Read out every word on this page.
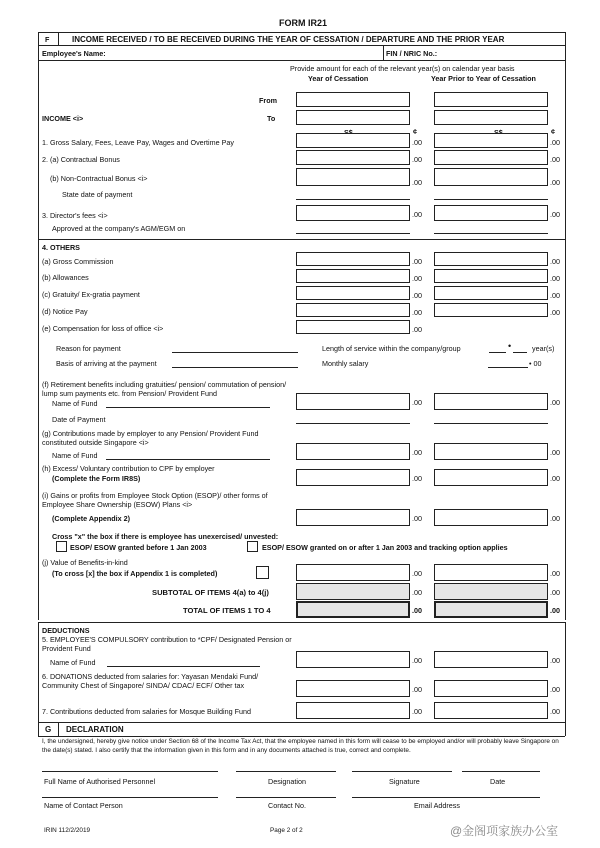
FORM IR21
F	INCOME RECEIVED / TO BE RECEIVED DURING THE YEAR OF CESSATION / DEPARTURE AND THE PRIOR YEAR
Employee's Name:	FIN / NRIC No.:
Provide amount for each of the relevant year(s) on calendar year basis
Year of Cessation	Year Prior to Year of Cessation
From
INCOME <i>	To
¢	¢
1. Gross Salary, Fees, Leave Pay, Wages and Overtime Pay	.00	.00
2. (a) Contractual Bonus	.00	.00
(b) Non-Contractual Bonus <i>	.00	.00
State date of payment
3. Director's fees <i>	.00	.00
Approved at the company's AGM/EGM on
4. OTHERS
(a) Gross Commission	.00	.00
(b) Allowances	.00	.00
(c) Gratuity/ Ex-gratia payment	.00	.00
(d) Notice Pay	.00	.00
(e) Compensation for loss of office <i>	.00
Reason for payment	Length of service within the company/group	•	year(s)
Basis of arriving at the payment	Monthly salary	• 00
(f) Retirement benefits including gratuities/ pension/ commutation of pension/ lump sum payments etc. from Pension/ Provident Fund
Name of Fund	.00	.00
Date of Payment
(g) Contributions made by employer to any Pension/ Provident Fund constituted outside Singapore <i>
Name of Fund	.00	.00
(h) Excess/ Voluntary contribution to CPF by employer
(Complete the Form IR8S)	.00	.00
(i) Gains or profits from Employee Stock Option (ESOP)/ other forms of Employee Share Ownership (ESOW) Plans <i>
(Complete Appendix 2)	.00	.00
Cross "x" the box if there is employee has unexercised/ unvested:
ESOP/ ESOW granted before 1 Jan 2003	ESOP/ ESOW granted on or after 1 Jan 2003 and tracking option applies
(j) Value of Benefits-in-kind
(To cross [x] the box if Appendix 1 is completed)	.00	.00
SUBTOTAL OF ITEMS 4(a) to 4(j)	.00	.00
TOTAL OF ITEMS 1 TO 4	.00	.00
DEDUCTIONS
5. EMPLOYEE'S COMPULSORY contribution to *CPF/ Designated Pension or Provident Fund
Name of Fund	.00	.00
6. DONATIONS deducted from salaries for: Yayasan Mendaki Fund/ Community Chest of Singapore/ SINDA/ CDAC/ ECF/ Other tax	.00	.00
7. Contributions deducted from salaries for Mosque Building Fund	.00	.00
G DECLARATION
I, the undersigned, hereby give notice under Section 68 of the Income Tax Act, that the employee named in this form will cease to be employed and/or will probably leave Singapore on the date(s) stated. I also certify that the information given in this form and in any documents attached is true, correct and complete.
Full Name of Authorised Personnel	Designation	Signature	Date
Name of Contact Person	Contact No.	Email Address
IRIN 112/2/2019	Page 2 of 2	@金阁项家族办公室
